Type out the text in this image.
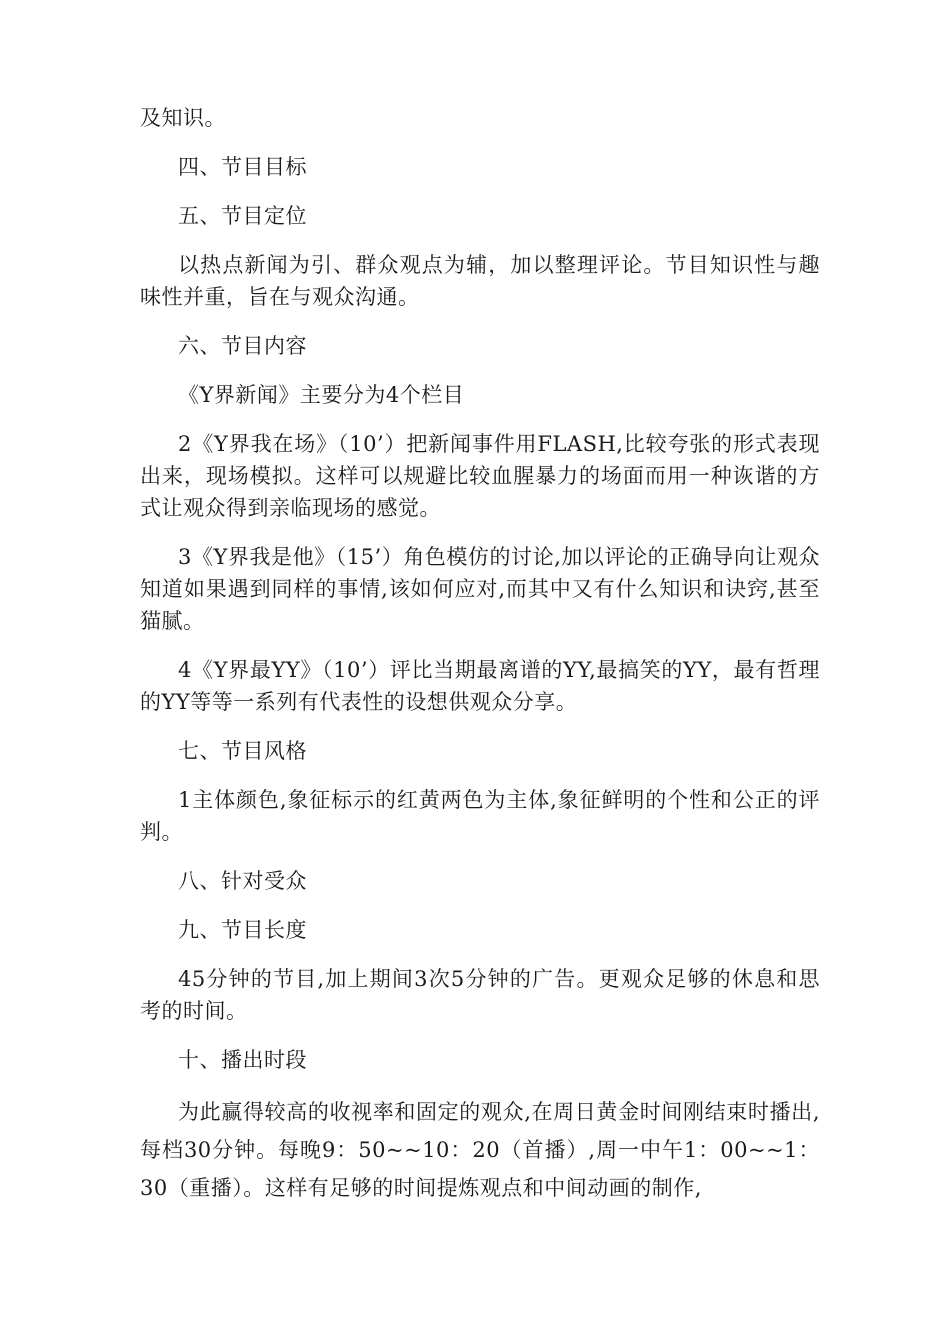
及知识。

四、节目目标

五、节目定位

以热点新闻为引、群众观点为辅，加以整理评论。节目知识性与趣味性并重，旨在与观众沟通。

六、节目内容

《Y界新闻》主要分为4个栏目

2《Y界我在场》（10’）把新闻事件用FLASH,比较夸张的形式表现出来，现场模拟。这样可以规避比较血腥暴力的场面而用一种诙谐的方式让观众得到亲临现场的感觉。

3《Y界我是他》（15’）角色模仿的讨论,加以评论的正确导向让观众知道如果遇到同样的事情,该如何应对,而其中又有什么知识和诀窍,甚至猫腻。

4《Y界最YY》（10’）评比当期最离谱的YY,最搞笑的YY，最有哲理的YY等等一系列有代表性的设想供观众分享。

七、节目风格

1主体颜色,象征标示的红黄两色为主体,象征鲜明的个性和公正的评判。

八、针对受众

九、节目长度

45分钟的节目,加上期间3次5分钟的广告。更观众足够的休息和思考的时间。

十、播出时段

为此赢得较高的收视率和固定的观众,在周日黄金时间刚结束时播出,每档30分钟。每晚9：50~~10：20（首播）,周一中午1：00~~1：30（重播）。这样有足够的时间提炼观点和中间动画的制作,
